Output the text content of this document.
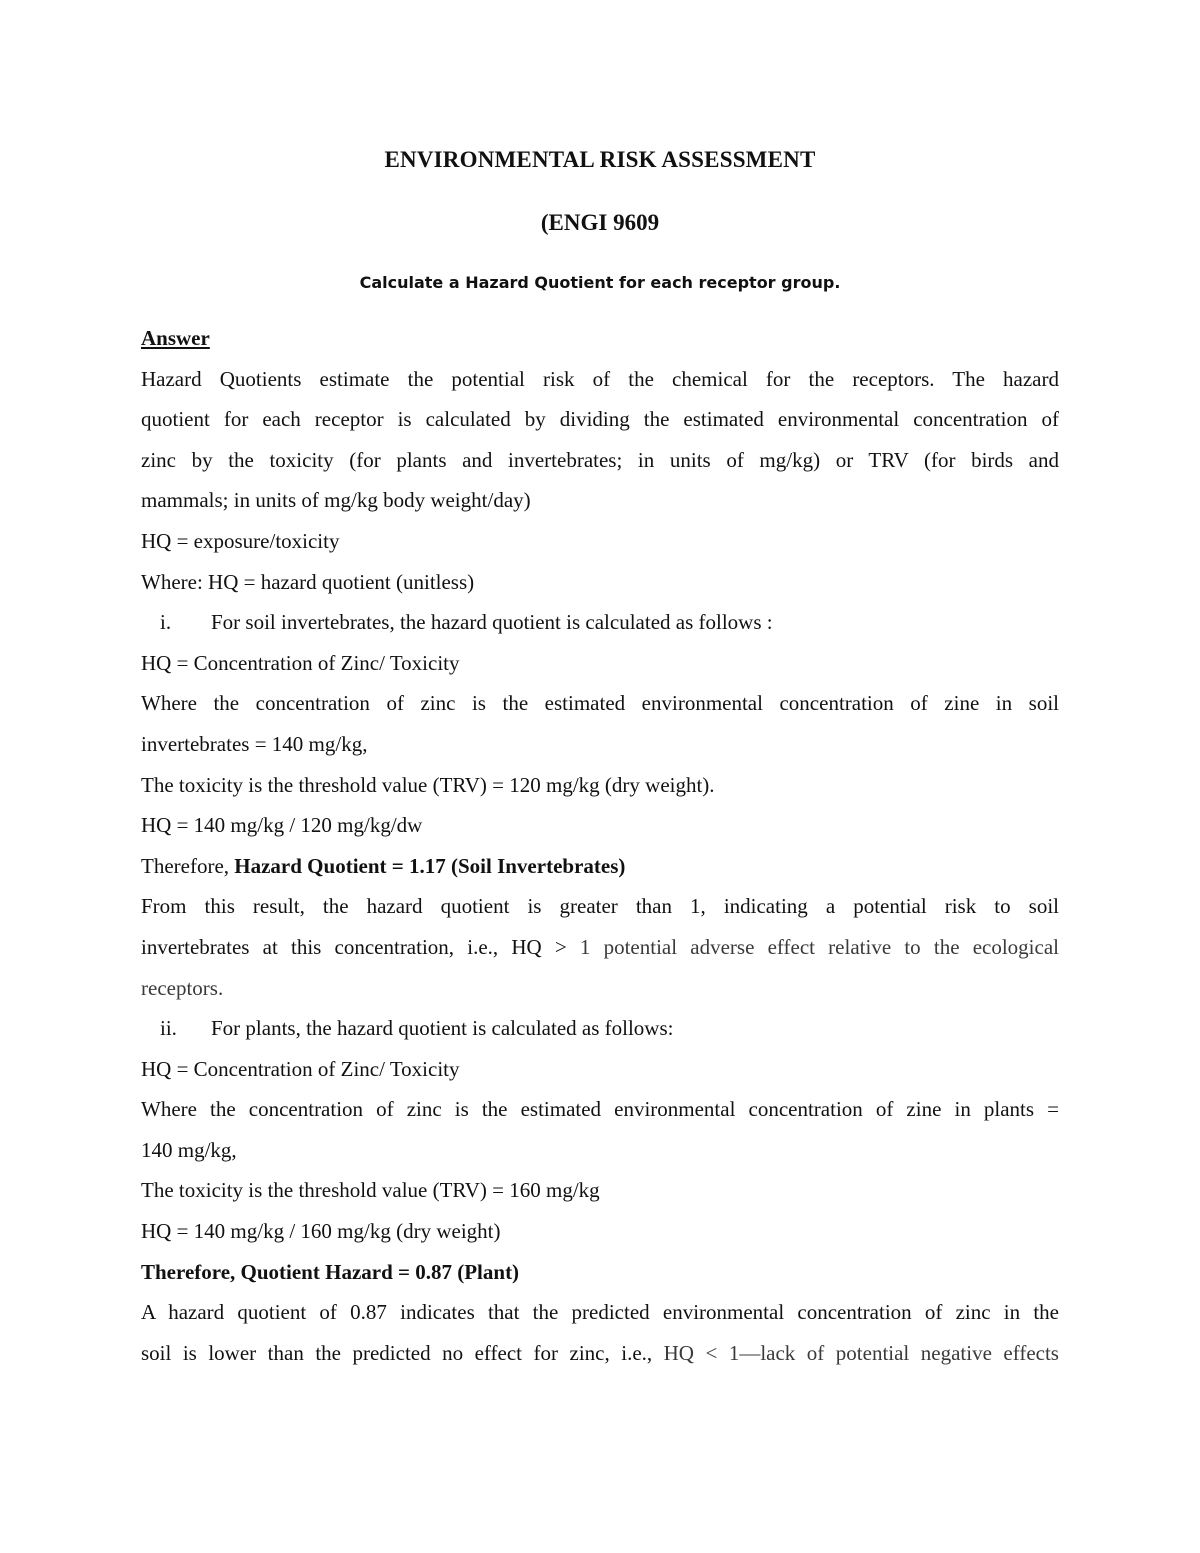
ENVIRONMENTAL RISK ASSESSMENT
(ENGI 9609
Calculate a Hazard Quotient for each receptor group.
Answer
Hazard Quotients estimate the potential risk of the chemical for the receptors. The hazard
quotient for each receptor is calculated by dividing the estimated environmental concentration of
zinc by the toxicity (for plants and invertebrates; in units of mg/kg) or TRV (for birds and
mammals; in units of mg/kg body weight/day)
HQ = exposure/toxicity
Where: HQ = hazard quotient (unitless)
i.	For soil invertebrates, the hazard quotient is calculated as follows :
HQ = Concentration of Zinc/ Toxicity
Where the concentration of zinc is the estimated environmental concentration of zine in soil
invertebrates = 140 mg/kg,
The toxicity is the threshold value (TRV) = 120 mg/kg (dry weight).
HQ = 140 mg/kg / 120 mg/kg/dw
Therefore, Hazard Quotient = 1.17 (Soil Invertebrates)
From this result, the hazard quotient is greater than 1, indicating a potential risk to soil
invertebrates at this concentration, i.e., HQ > 1 potential adverse effect relative to the ecological
receptors.
ii.	For plants, the hazard quotient is calculated as follows:
HQ = Concentration of Zinc/ Toxicity
Where the concentration of zinc is the estimated environmental concentration of zine in plants =
140 mg/kg,
The toxicity is the threshold value (TRV) = 160 mg/kg
HQ = 140 mg/kg / 160 mg/kg (dry weight)
Therefore, Quotient Hazard = 0.87 (Plant)
A hazard quotient of 0.87 indicates that the predicted environmental concentration of zinc in the
soil is lower than the predicted no effect for zinc, i.e., HQ < 1—lack of potential negative effects
